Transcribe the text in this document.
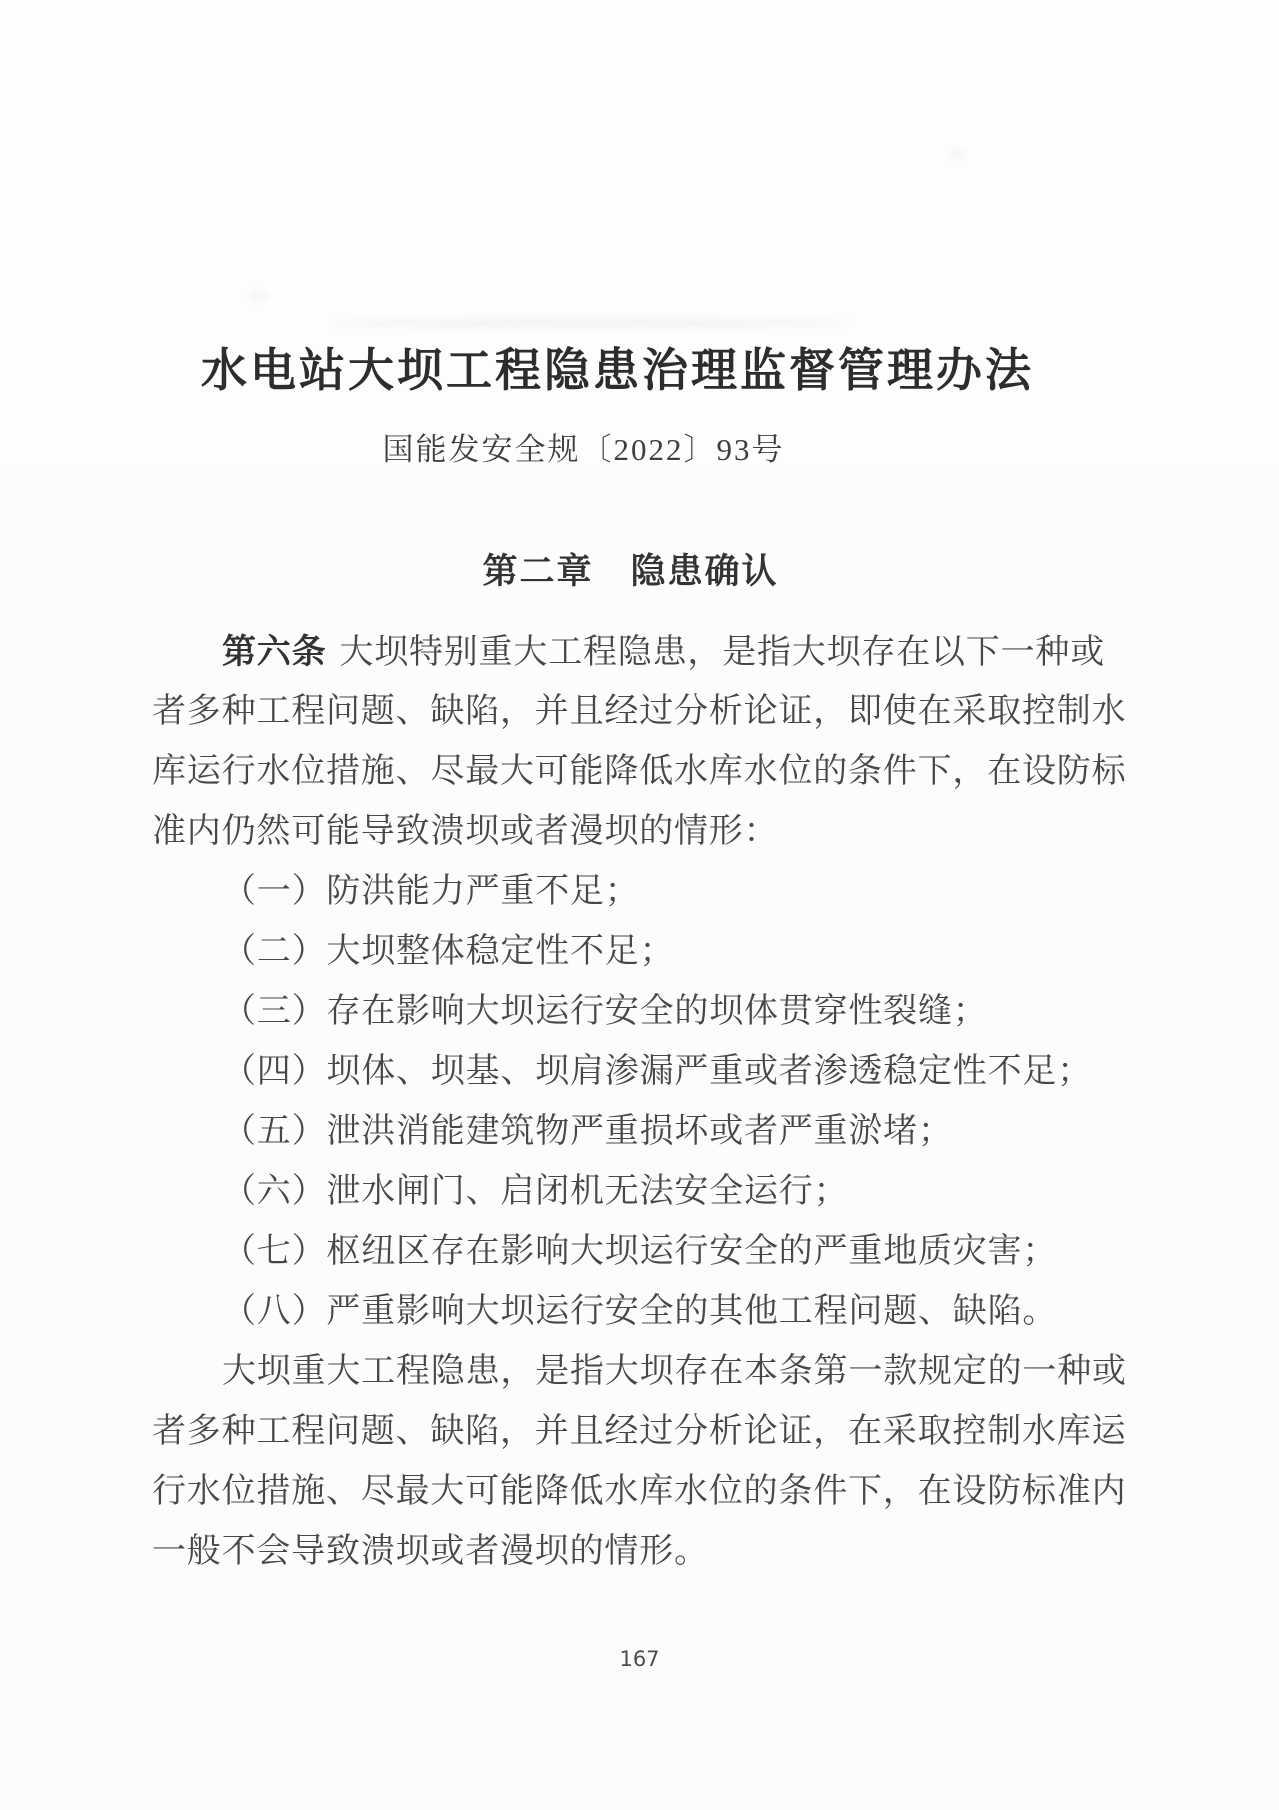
水电站大坝工程隐患治理监督管理办法
国能发安全规〔2022〕93号
第二章　隐患确认
第六条 大坝特别重大工程隐患，是指大坝存在以下一种或
者多种工程问题、缺陷，并且经过分析论证，即使在采取控制水
库运行水位措施、尽最大可能降低水库水位的条件下，在设防标
准内仍然可能导致溃坝或者漫坝的情形：
（一）防洪能力严重不足；
（二）大坝整体稳定性不足；
（三）存在影响大坝运行安全的坝体贯穿性裂缝；
（四）坝体、坝基、坝肩渗漏严重或者渗透稳定性不足；
（五）泄洪消能建筑物严重损坏或者严重淤堵；
（六）泄水闸门、启闭机无法安全运行；
（七）枢纽区存在影响大坝运行安全的严重地质灾害；
（八）严重影响大坝运行安全的其他工程问题、缺陷。
大坝重大工程隐患，是指大坝存在本条第一款规定的一种或
者多种工程问题、缺陷，并且经过分析论证，在采取控制水库运
行水位措施、尽最大可能降低水库水位的条件下，在设防标准内
一般不会导致溃坝或者漫坝的情形。
167
